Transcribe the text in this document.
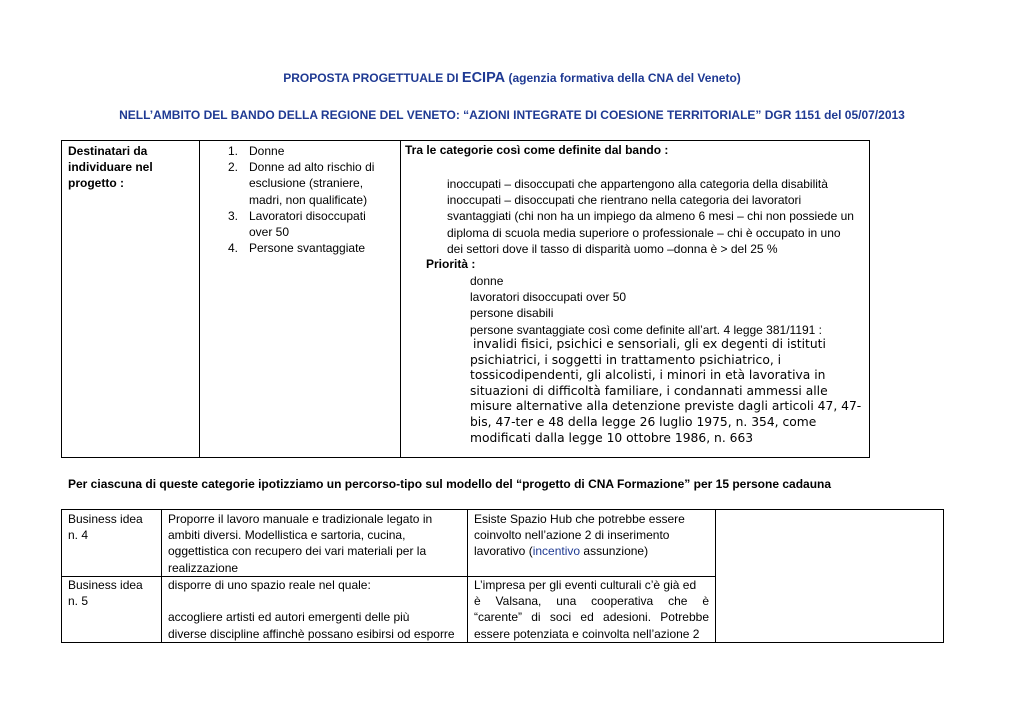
PROPOSTA PROGETTUALE DI ECIPA (agenzia formativa della CNA del Veneto)
NELL’AMBITO DEL BANDO DELLA REGIONE DEL VENETO: “AZIONI INTEGRATE DI COESIONE TERRITORIALE” DGR 1151 del 05/07/2013
Destinatari da
individuare nel
progetto :
1. Donne
2. Donne ad alto rischio di
esclusione (straniere,
madri, non qualificate)
3. Lavoratori disoccupati
over 50
4. Persone svantaggiate
Tra le categorie così come definite dal bando :
inoccupati – disoccupati che appartengono alla categoria della disabilità
inoccupati – disoccupati che rientrano nella categoria dei lavoratori
svantaggiati (chi non ha un impiego da almeno 6 mesi – chi non possiede un
diploma di scuola media superiore o professionale – chi è occupato in uno
dei settori dove il tasso di disparità uomo –donna è > del 25 %
Priorità :
donne
lavoratori disoccupati over 50
persone disabili
persone svantaggiate così come definite all’art. 4 legge 381/1191 :
invalidi fisici, psichici e sensoriali, gli ex degenti di istituti
psichiatrici, i soggetti in trattamento psichiatrico, i
tossicodipendenti, gli alcolisti, i minori in età lavorativa in
situazioni di difficoltà familiare, i condannati ammessi alle
misure alternative alla detenzione previste dagli articoli 47, 47-
bis, 47-ter e 48 della legge 26 luglio 1975, n. 354, come
modificati dalla legge 10 ottobre 1986, n. 663
Per ciascuna di queste categorie ipotizziamo un percorso-tipo sul modello del “progetto di CNA Formazione” per 15 persone cadauna
Business idea
n. 4
Proporre il lavoro manuale e tradizionale legato in
ambiti diversi. Modellistica e sartoria, cucina,
oggettistica con recupero dei vari materiali per la
realizzazione
Esiste Spazio Hub che potrebbe essere
coinvolto nell’azione 2 di inserimento
lavorativo (incentivo assunzione)
Business idea
n. 5
disporre di uno spazio reale nel quale:
accogliere artisti ed autori emergenti delle più
diverse discipline affinchè possano esibirsi od esporre
L’impresa per gli eventi culturali c’è già ed
è Valsana, una cooperativa che è
“carente” di soci ed adesioni. Potrebbe
essere potenziata e coinvolta nell’azione 2
